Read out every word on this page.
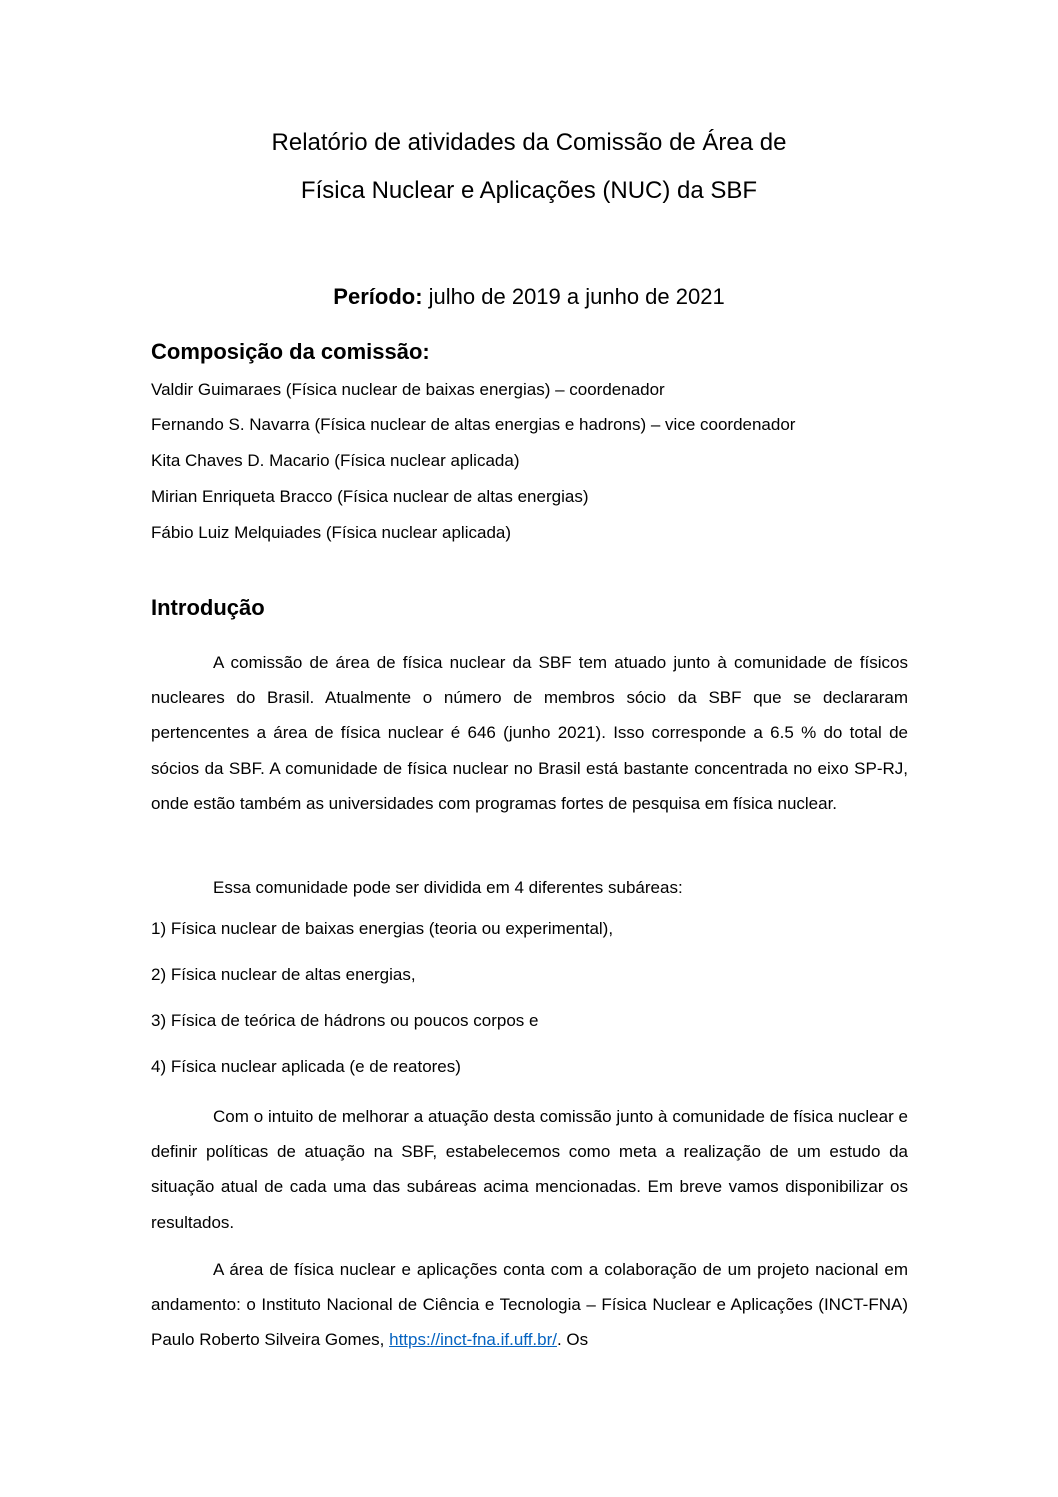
Relatório de atividades da Comissão de Área de
Física Nuclear e Aplicações (NUC) da SBF

Período: julho de 2019 a junho de 2021

Composição da comissão:

Valdir Guimaraes (Física nuclear de baixas energias) – coordenador

Fernando S. Navarra (Física nuclear de altas energias e hadrons) – vice coordenador

Kita Chaves D. Macario (Física nuclear aplicada)

Mirian Enriqueta Bracco (Física nuclear de altas energias)

Fábio Luiz Melquiades (Física nuclear aplicada)

Introdução

A comissão de área de física nuclear da SBF tem atuado junto à comunidade de físicos nucleares do Brasil. Atualmente o número de membros sócio da SBF que se declararam pertencentes a área de física nuclear é 646 (junho 2021). Isso corresponde a 6.5 % do total de sócios da SBF. A comunidade de física nuclear no Brasil está bastante concentrada no eixo SP-RJ, onde estão também as universidades com programas fortes de pesquisa em física nuclear.

Essa comunidade pode ser dividida em 4 diferentes subáreas:

1) Física nuclear de baixas energias (teoria ou experimental),

2) Física nuclear de altas energias,

3) Física de teórica de hádrons ou poucos corpos e

4) Física nuclear aplicada (e de reatores)

Com o intuito de melhorar a atuação desta comissão junto à comunidade de física nuclear e definir políticas de atuação na SBF, estabelecemos como meta a realização de um estudo da situação atual de cada uma das subáreas acima mencionadas. Em breve vamos disponibilizar os resultados.

A área de física nuclear e aplicações conta com a colaboração de um projeto nacional em andamento: o Instituto Nacional de Ciência e Tecnologia – Física Nuclear e Aplicações (INCT-FNA) Paulo Roberto Silveira Gomes, https://inct-fna.if.uff.br/. Os
